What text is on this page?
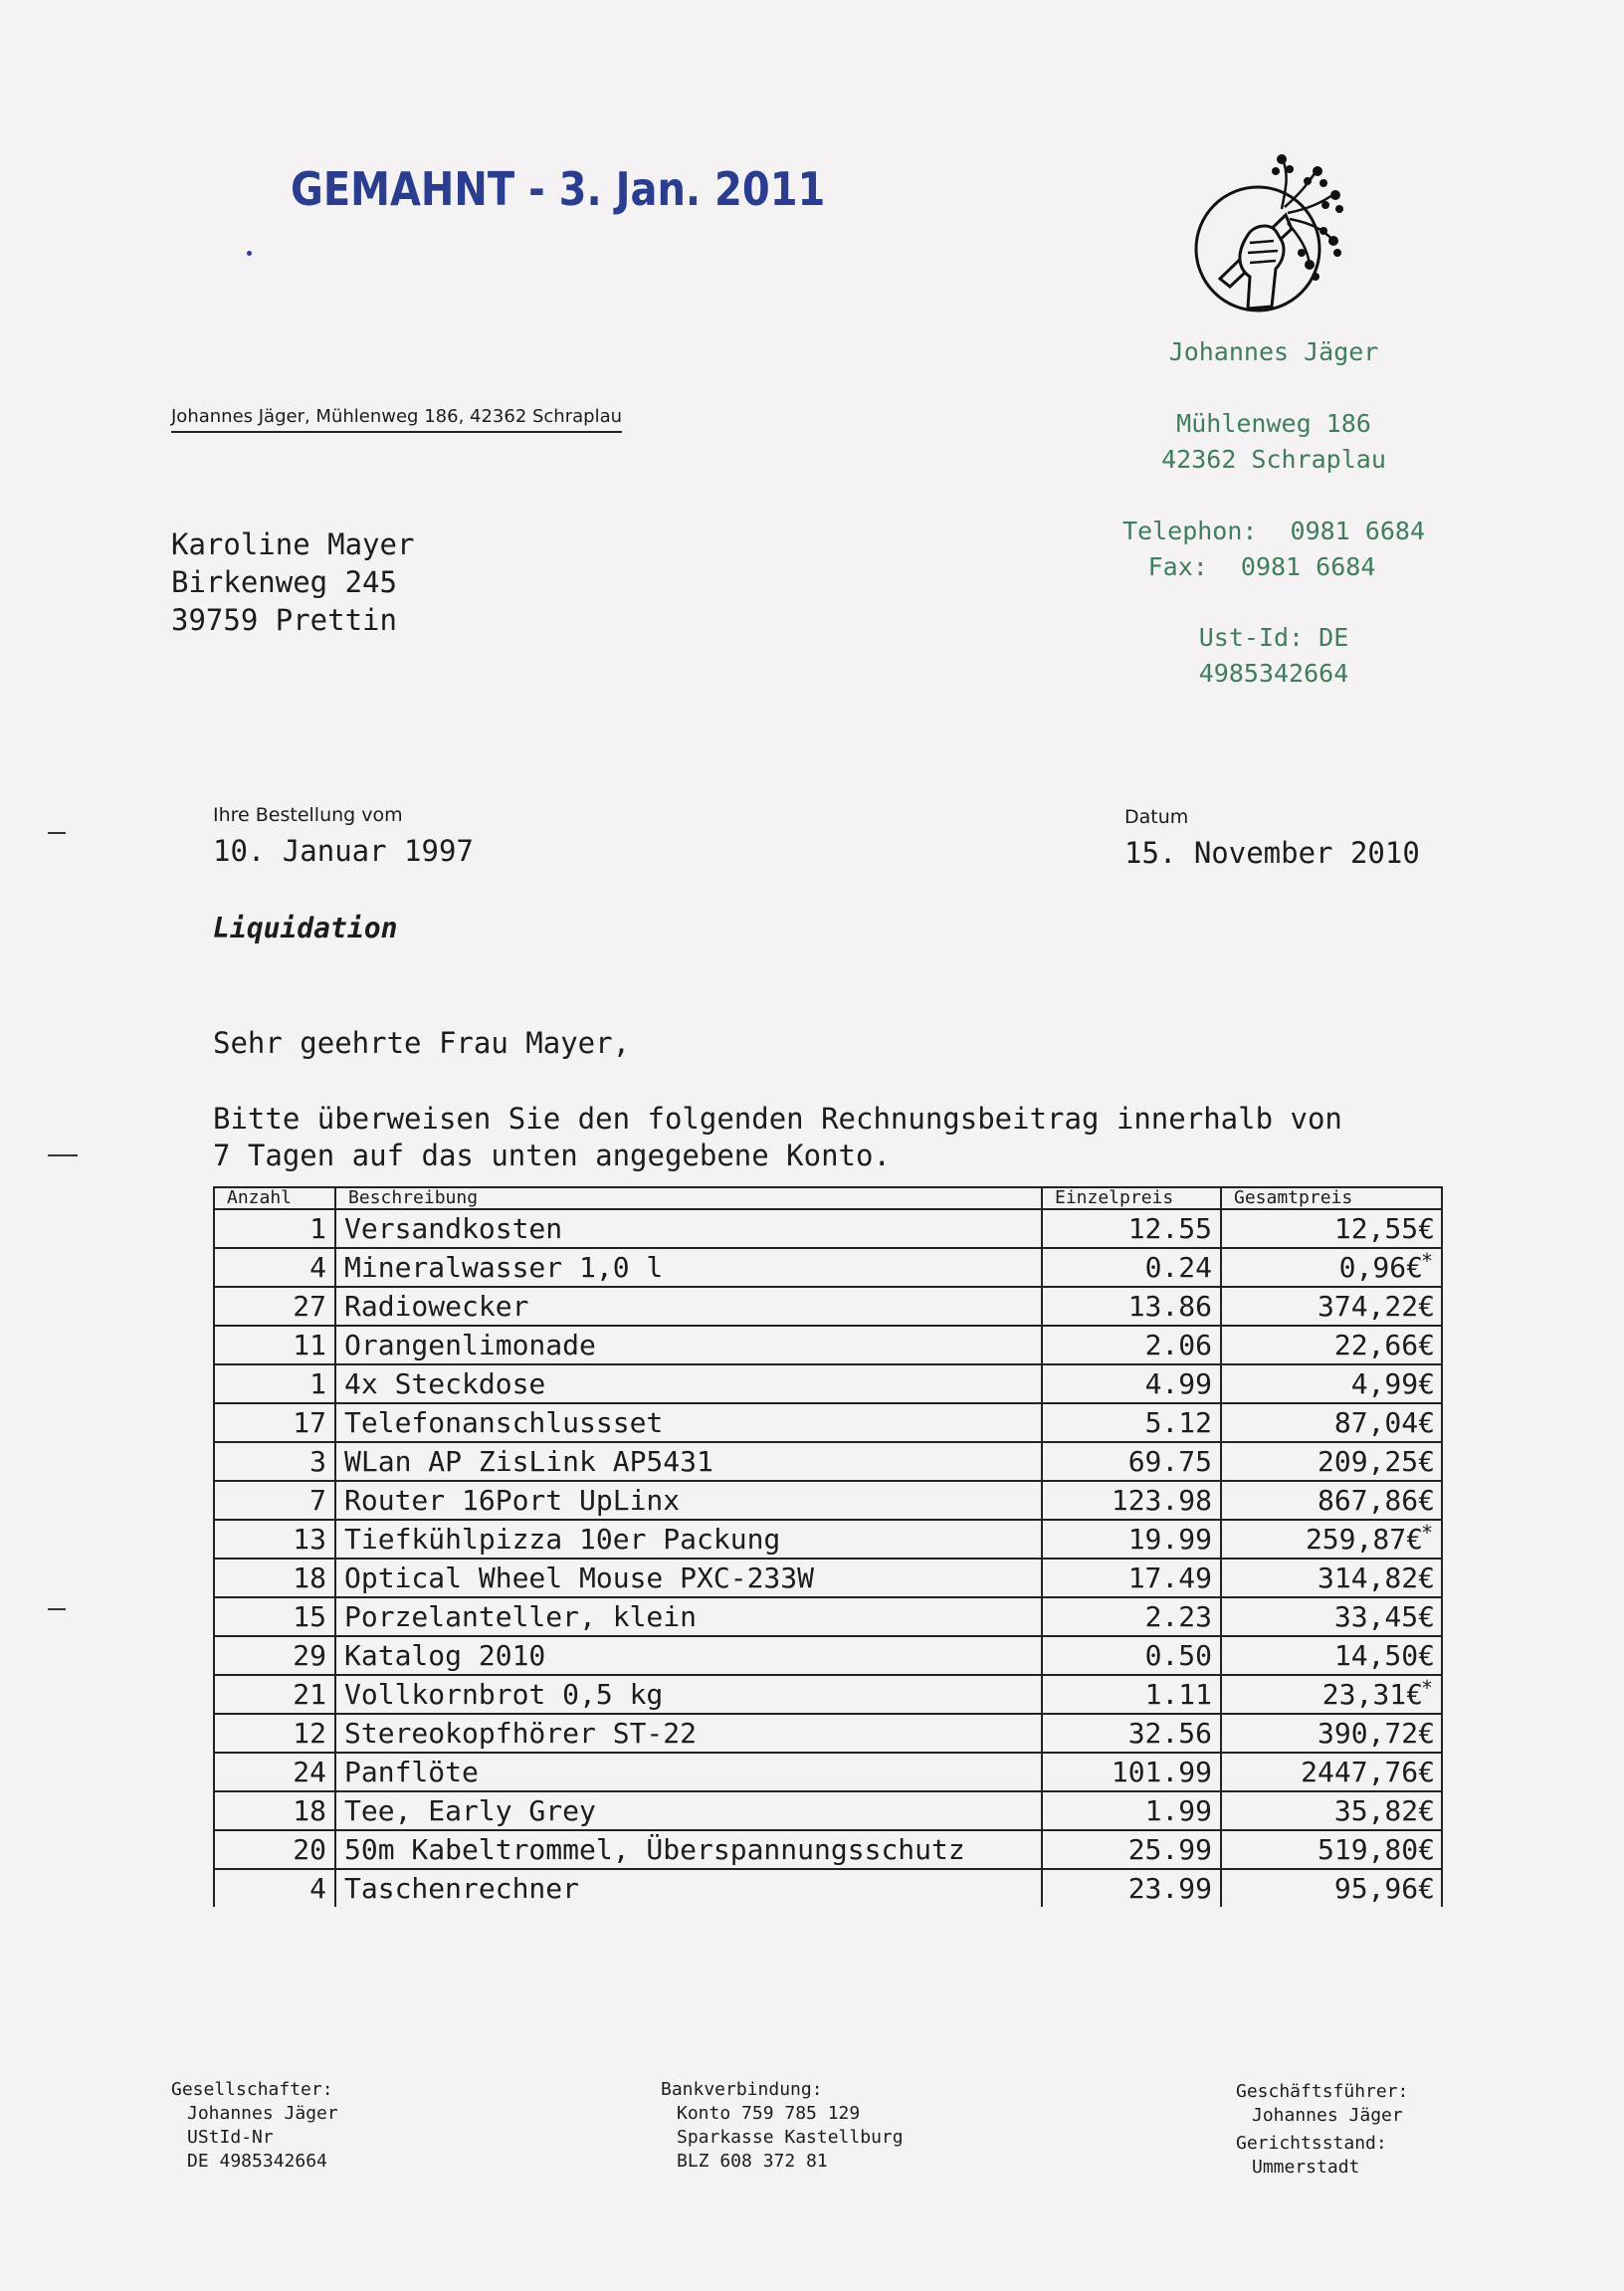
GEMAHNT - 3. Jan. 2011
Johannes Jäger
Mühlenweg 186
42362 Schraplau
Telephon: 0981 6684
Fax: 0981 6684
Ust-Id: DE
4985342664
Johannes Jäger, Mühlenweg 186, 42362 Schraplau
Karoline Mayer
Birkenweg 245
39759 Prettin
Ihre Bestellung vom
10. Januar 1997
Datum
15. November 2010
Liquidation
Sehr geehrte Frau Mayer,
Bitte überweisen Sie den folgenden Rechnungsbeitrag innerhalb von
7 Tagen auf das unten angegebene Konto.
Anzahl	Beschreibung	Einzelpreis	Gesamtpreis
1	Versandkosten	12.55	12,55€
4	Mineralwasser 1,0 l	0.24	0,96€*
27	Radiowecker	13.86	374,22€
11	Orangenlimonade	2.06	22,66€
1	4x Steckdose	4.99	4,99€
17	Telefonanschlussset	5.12	87,04€
3	WLan AP ZisLink AP5431	69.75	209,25€
7	Router 16Port UpLinx	123.98	867,86€
13	Tiefkühlpizza 10er Packung	19.99	259,87€*
18	Optical Wheel Mouse PXC-233W	17.49	314,82€
15	Porzelanteller, klein	2.23	33,45€
29	Katalog 2010	0.50	14,50€
21	Vollkornbrot 0,5 kg	1.11	23,31€*
12	Stereokopfhörer ST-22	32.56	390,72€
24	Panflöte	101.99	2447,76€
18	Tee, Early Grey	1.99	35,82€
20	50m Kabeltrommel, Überspannungsschutz	25.99	519,80€
4	Taschenrechner	23.99	95,96€
Gesellschafter:
Johannes Jäger
UStId-Nr
DE 4985342664
Bankverbindung:
Konto 759 785 129
Sparkasse Kastellburg
BLZ 608 372 81
Geschäftsführer:
Johannes Jäger
Gerichtsstand:
Ummerstadt
